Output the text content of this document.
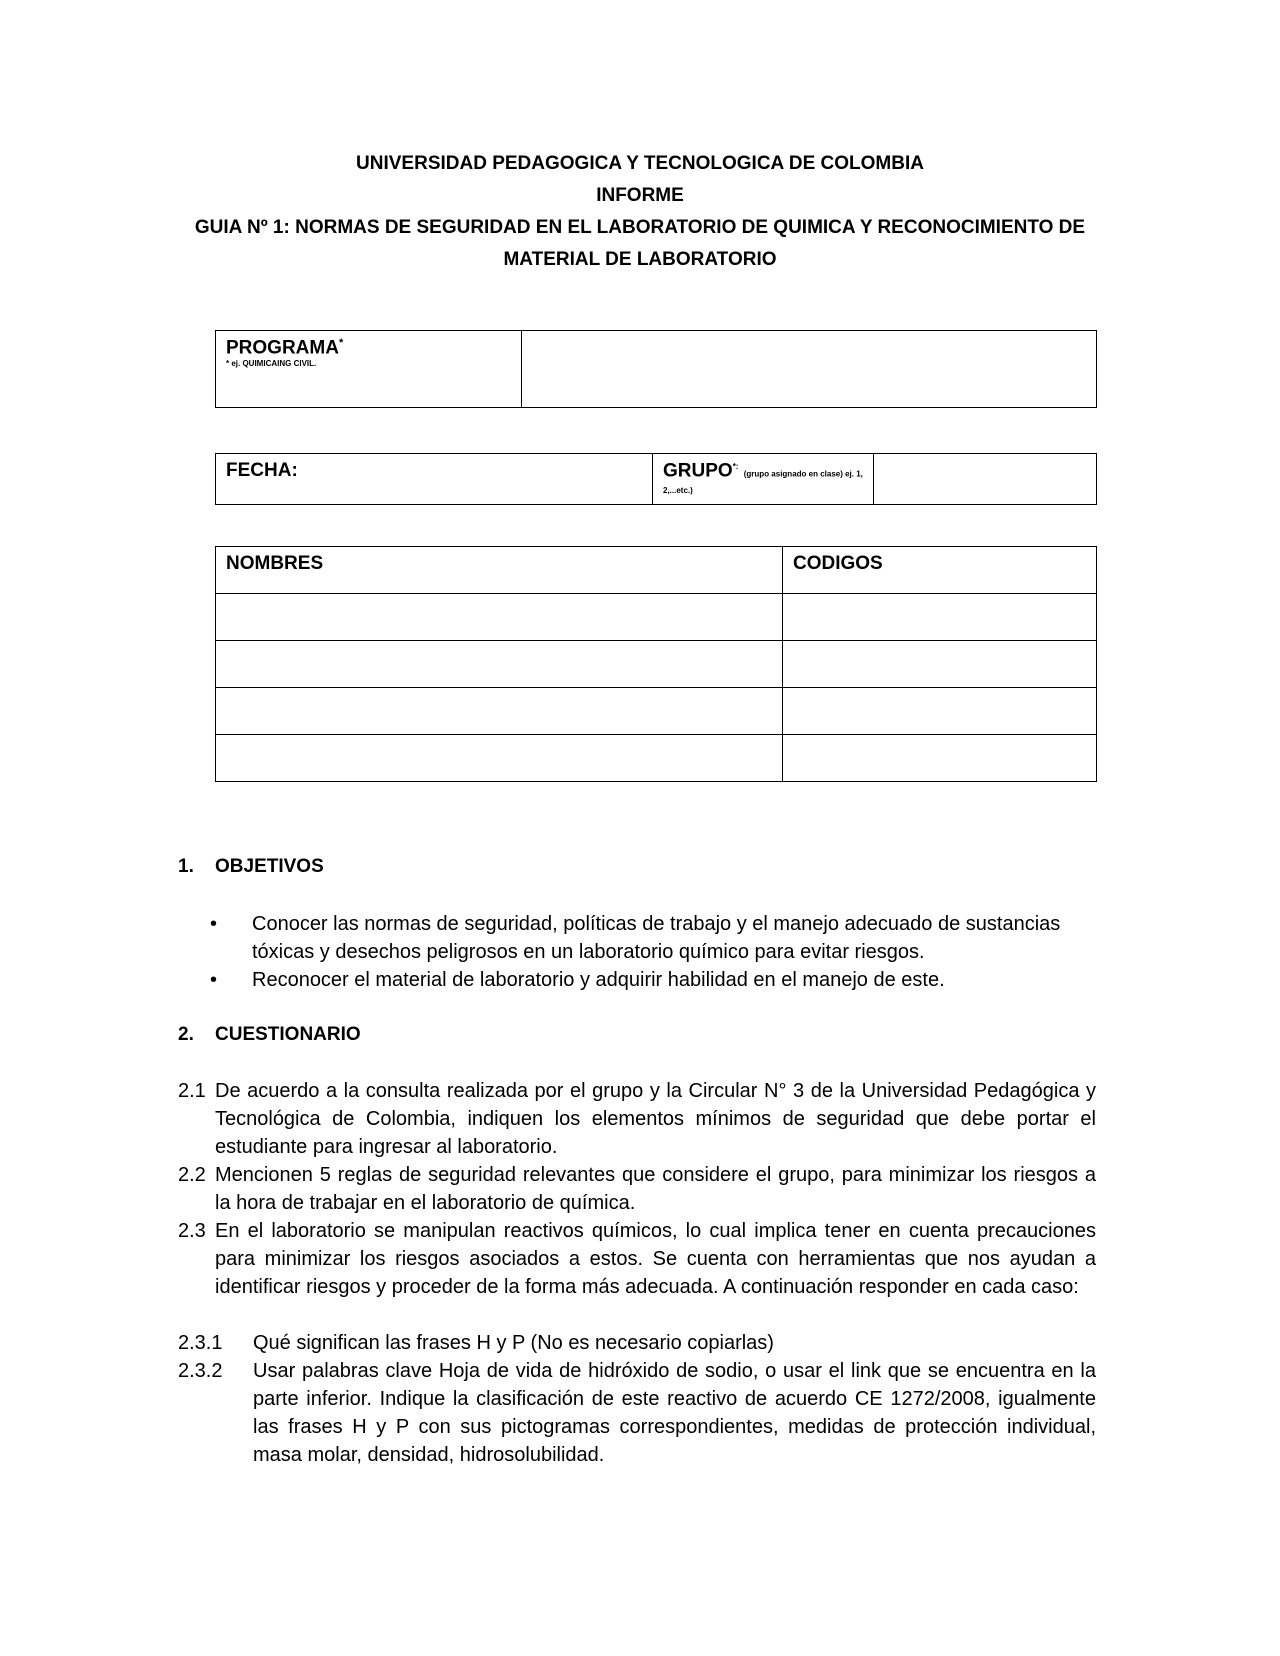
UNIVERSIDAD PEDAGOGICA Y TECNOLOGICA DE COLOMBIA
INFORME
GUIA Nº 1: NORMAS DE SEGURIDAD EN EL LABORATORIO DE QUIMICA Y RECONOCIMIENTO DE MATERIAL DE LABORATORIO
PROGRAMA*
* ej. QUIMICAING CIVIL.

FECHA:	GRUPO*: (grupo asignado en clase) ej. 1, 2,...etc.)	
NOMBRES	CODIGOS

1. OBJETIVOS
• Conocer las normas de seguridad, políticas de trabajo y el manejo adecuado de sustancias tóxicas y desechos peligrosos en un laboratorio químico para evitar riesgos.
• Reconocer el material de laboratorio y adquirir habilidad en el manejo de este.
2. CUESTIONARIO
2.1 De acuerdo a la consulta realizada por el grupo y la Circular N° 3 de la Universidad Pedagógica y Tecnológica de Colombia, indiquen los elementos mínimos de seguridad que debe portar el estudiante para ingresar al laboratorio.
2.2 Mencionen 5 reglas de seguridad relevantes que considere el grupo, para minimizar los riesgos a la hora de trabajar en el laboratorio de química.
2.3 En el laboratorio se manipulan reactivos químicos, lo cual implica tener en cuenta precauciones para minimizar los riesgos asociados a estos. Se cuenta con herramientas que nos ayudan a identificar riesgos y proceder de la forma más adecuada. A continuación responder en cada caso:
2.3.1 Qué significan las frases H y P (No es necesario copiarlas)
2.3.2 Usar palabras clave Hoja de vida de hidróxido de sodio, o usar el link que se encuentra en la parte inferior. Indique la clasificación de este reactivo de acuerdo CE 1272/2008, igualmente las frases H y P con sus pictogramas correspondientes, medidas de protección individual, masa molar, densidad, hidrosolubilidad.
